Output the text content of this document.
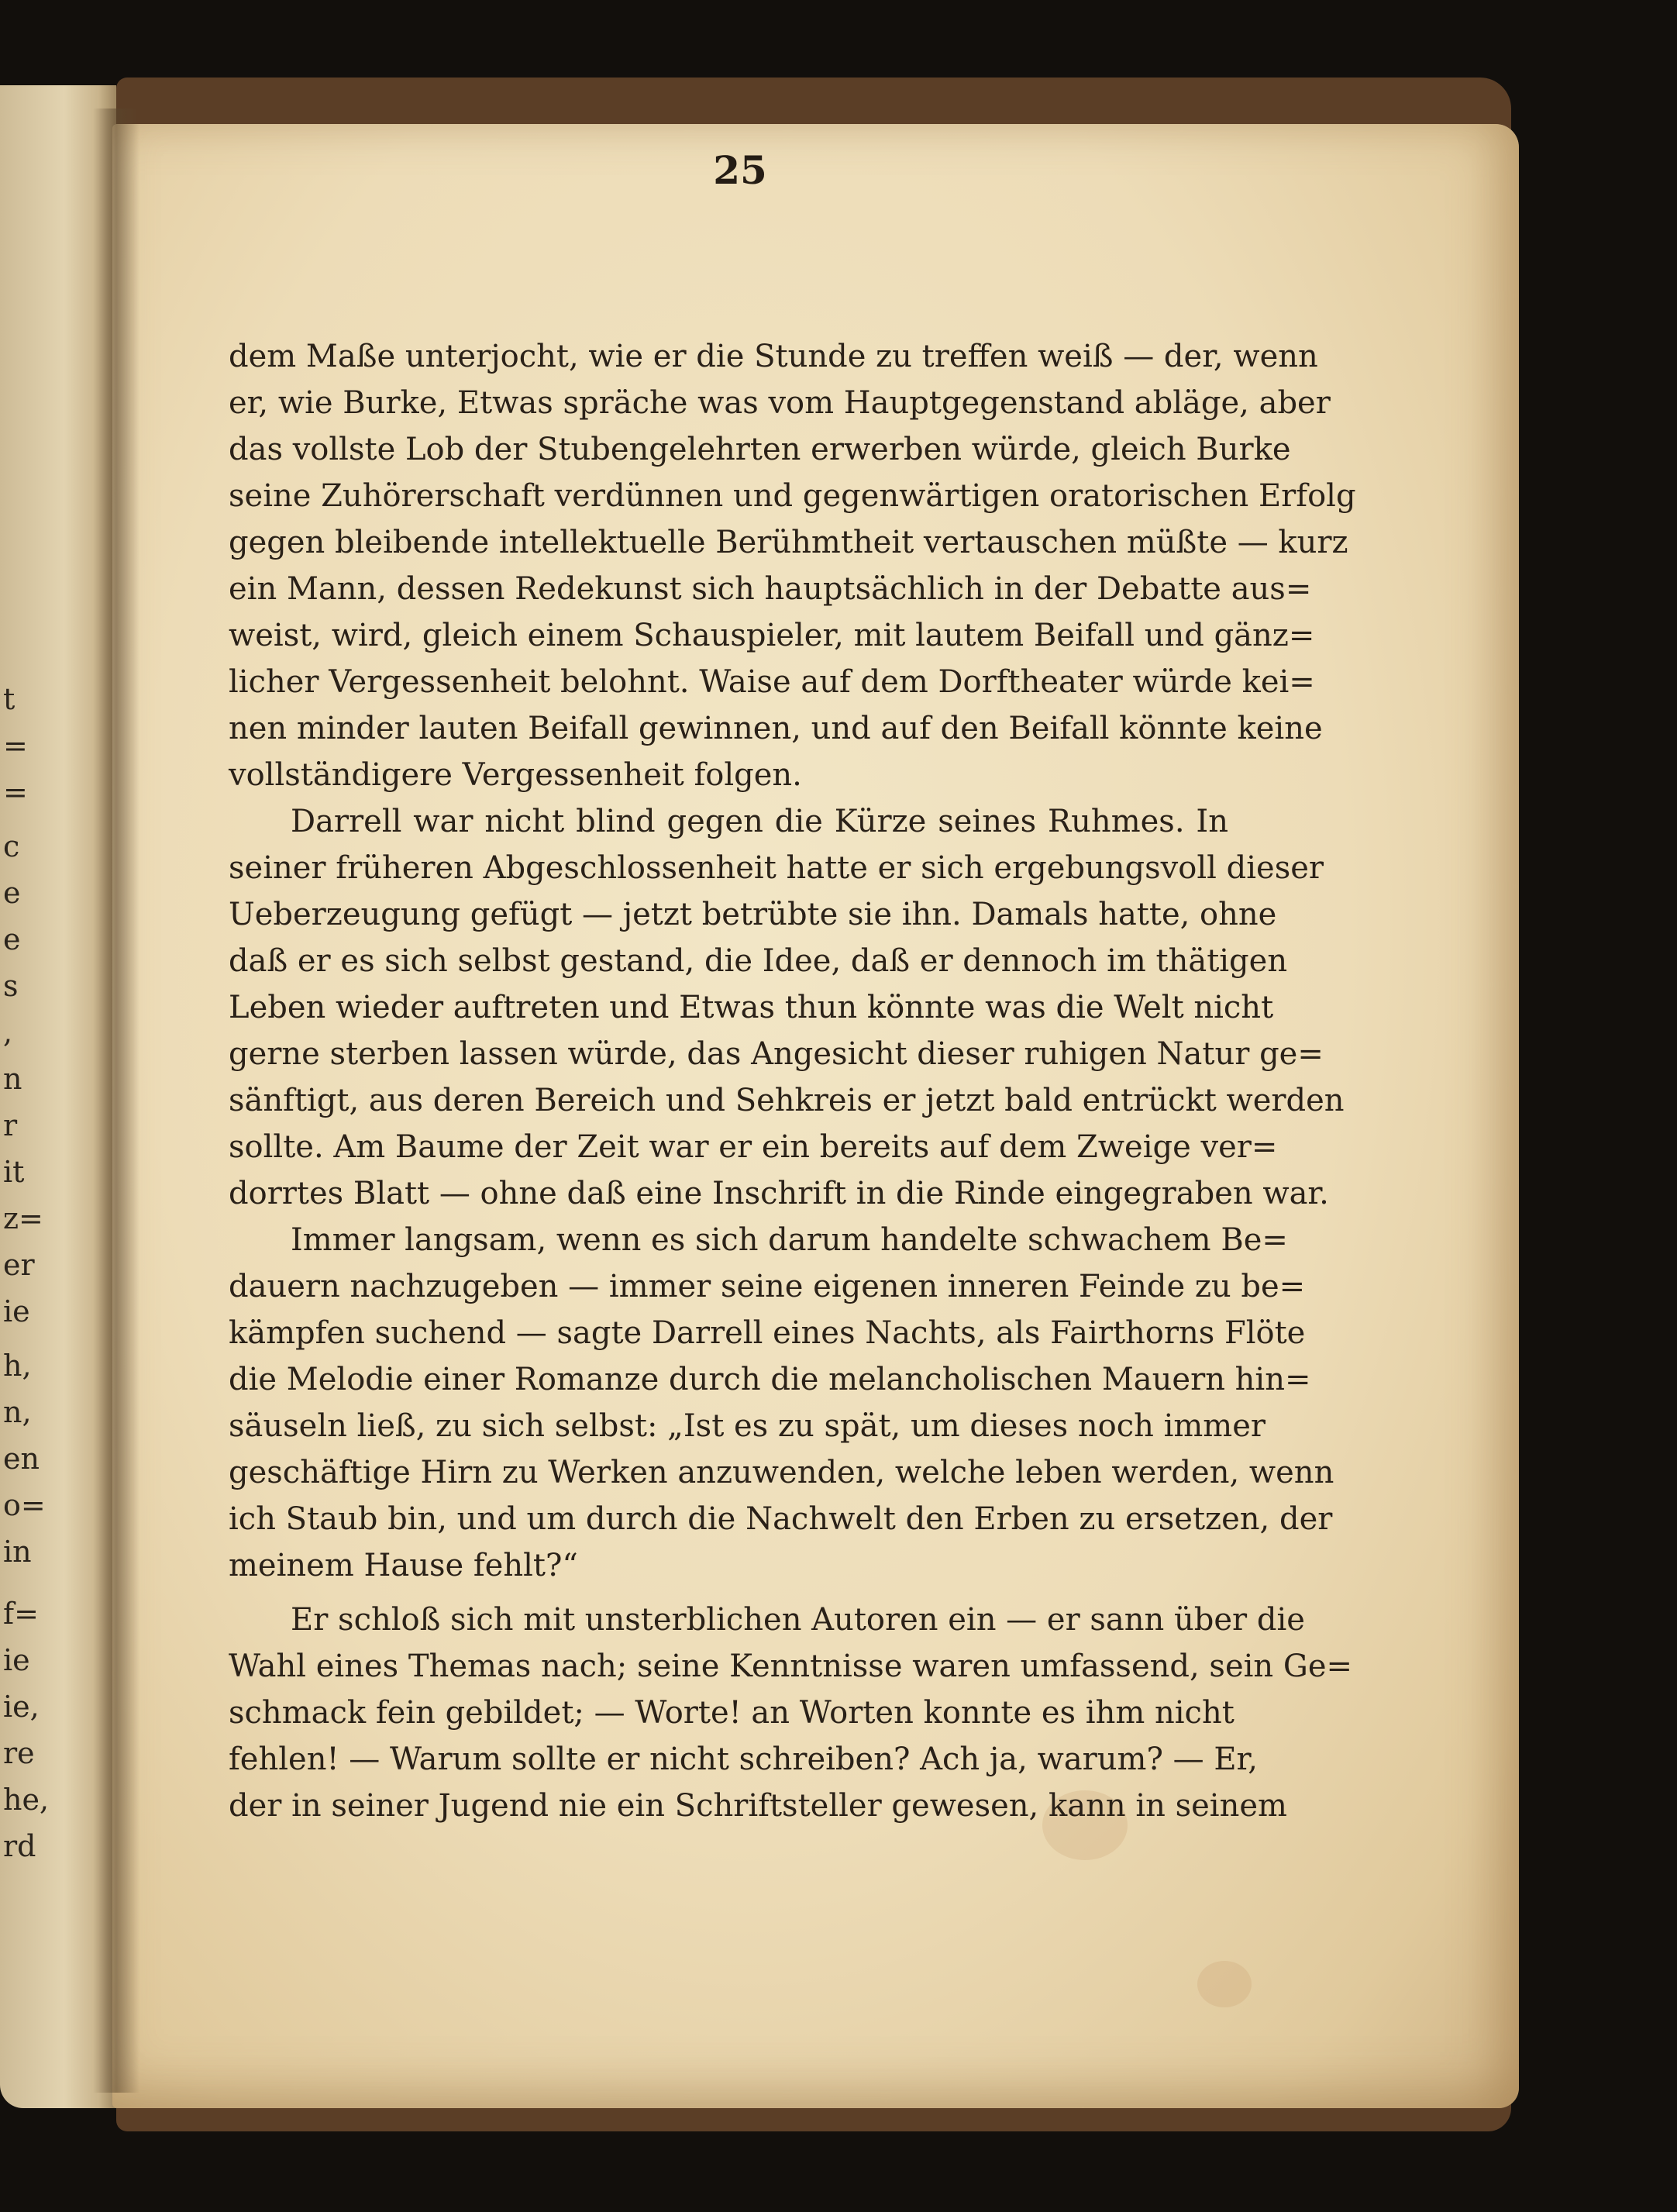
t
=
=
c
e
e
s
,
n
r
it
z=
er
ie
h,
n,
en
o=
in
f=
ie
ie,
re
he,
rd
25
dem Maße unterjocht, wie er die Stunde zu treffen weiß — der, wenn
er, wie Burke, Etwas spräche was vom Hauptgegenstand abläge, aber
das vollste Lob der Stubengelehrten erwerben würde, gleich Burke
seine Zuhörerschaft verdünnen und gegenwärtigen oratorischen Erfolg
gegen bleibende intellektuelle Berühmtheit vertauschen müßte — kurz
ein Mann, dessen Redekunst sich hauptsächlich in der Debatte aus=
weist, wird, gleich einem Schauspieler, mit lautem Beifall und gänz=
licher Vergessenheit belohnt. Waise auf dem Dorftheater würde kei=
nen minder lauten Beifall gewinnen, und auf den Beifall könnte keine
vollständigere Vergessenheit folgen.
Darrell war nicht blind gegen die Kürze seines Ruhmes. In
seiner früheren Abgeschlossenheit hatte er sich ergebungsvoll dieser
Ueberzeugung gefügt — jetzt betrübte sie ihn. Damals hatte, ohne
daß er es sich selbst gestand, die Idee, daß er dennoch im thätigen
Leben wieder auftreten und Etwas thun könnte was die Welt nicht
gerne sterben lassen würde, das Angesicht dieser ruhigen Natur ge=
sänftigt, aus deren Bereich und Sehkreis er jetzt bald entrückt werden
sollte. Am Baume der Zeit war er ein bereits auf dem Zweige ver=
dorrtes Blatt — ohne daß eine Inschrift in die Rinde eingegraben war.
Immer langsam, wenn es sich darum handelte schwachem Be=
dauern nachzugeben — immer seine eigenen inneren Feinde zu be=
kämpfen suchend — sagte Darrell eines Nachts, als Fairthorns Flöte
die Melodie einer Romanze durch die melancholischen Mauern hin=
säuseln ließ, zu sich selbst: „Ist es zu spät, um dieses noch immer
geschäftige Hirn zu Werken anzuwenden, welche leben werden, wenn
ich Staub bin, und um durch die Nachwelt den Erben zu ersetzen, der
meinem Hause fehlt?“
Er schloß sich mit unsterblichen Autoren ein — er sann über die
Wahl eines Themas nach; seine Kenntnisse waren umfassend, sein Ge=
schmack fein gebildet; — Worte! an Worten konnte es ihm nicht
fehlen! — Warum sollte er nicht schreiben? Ach ja, warum? — Er,
der in seiner Jugend nie ein Schriftsteller gewesen, kann in seinem
